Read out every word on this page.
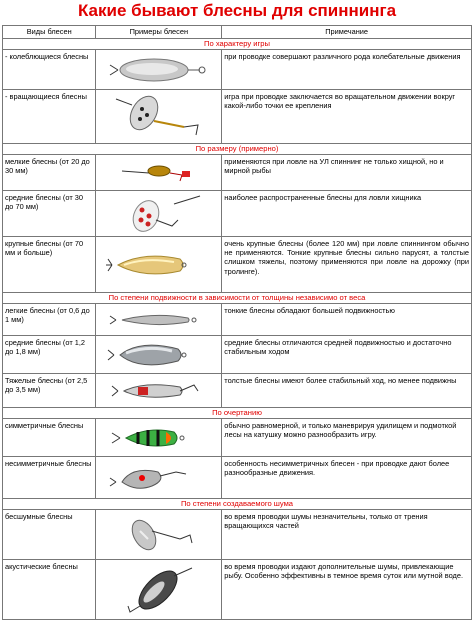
Какие бывают блесны для спиннинга
Виды блесен	Примеры блесен	Примечание
По характеру игры		
- колеблющиеся блесны		при проводке совершают различного рода колебательные движения
- вращающиеся блесны		игра при проводке заключается во вращательном движении вокруг какой-либо точки ее крепления
По размеру (примерно)		
мелкие блесны (от 20 до 30 мм)		применяются при ловле на УЛ спиннинг не только хищной, но и мирной рыбы
средние блесны (от 30 до 70 мм)		наиболее распространенные блесны для ловли хищника
крупные блесны (от 70 мм и больше)		очень крупные блесны (более 120 мм) при ловле спиннингом обычно не применяются. Тонкие крупные блесны сильно парусят, а толстые слишком тяжелы, поэтому применяются при ловле на дорожку (при тролинге).
По степени подвижности в зависимости от толщины независимо от веса		
легкие блесны (от 0,6 до 1 мм)		тонкие блесны обладают большей подвижностью
средние блесны (от 1,2 до 1,8 мм)		средние блесны отличаются средней подвижностью и достаточно стабильным ходом
Тяжелые блесны (от 2,5 до 3,5 мм)		толстые блесны имеют более стабильный ход, но менее подвижны
По очертанию		
симметричные блесны		обычно равномерной, и только маневрируя удилищем и подмоткой лесы на катушку можно разнообразить игру.
несимметричные блесны		особенность несимметричных блесен - при проводке дают более разнообразные движения.
По степени создаваемого шума		
бесшумные блесны		во время проводки шумы незначительны, только от трения вращающихся частей
акустические блесны		во время проводки издают дополнительные шумы, привлекающие рыбу. Особенно эффективны в темное время суток или мутной воде.
